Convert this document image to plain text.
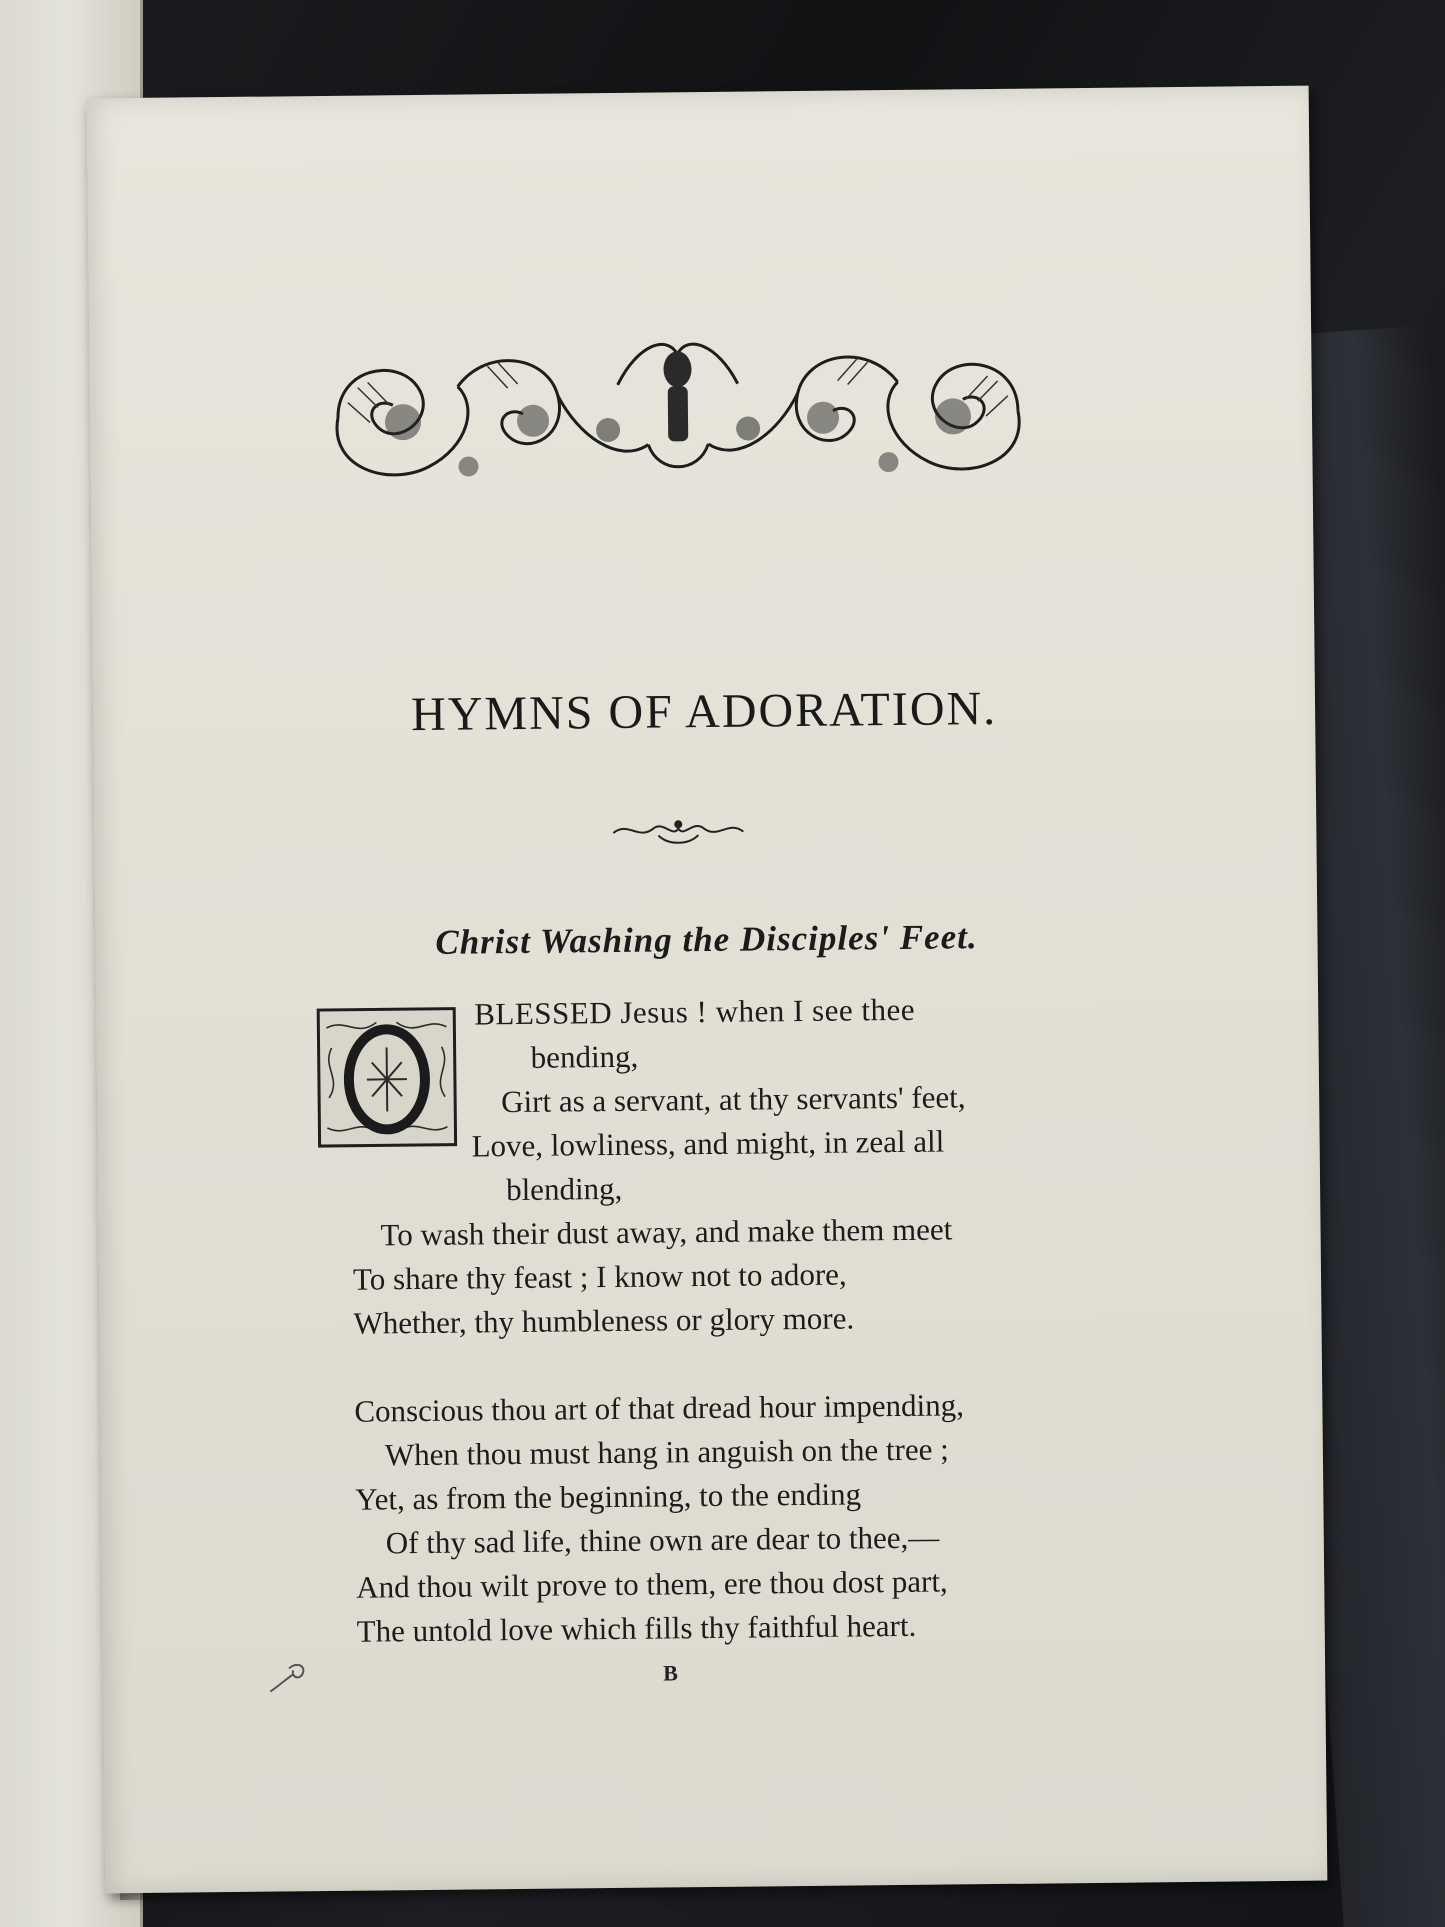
HYMNS OF ADORATION.
Christ Washing the Disciples' Feet.
O
BLESSED Jesus ! when I see thee
bending,
Girt as a servant, at thy servants' feet,
Love, lowliness, and might, in zeal all
blending,
To wash their dust away, and make them meet
To share thy feast ; I know not to adore,
Whether, thy humbleness or glory more.
Conscious thou art of that dread hour impending,
When thou must hang in anguish on the tree ;
Yet, as from the beginning, to the ending
Of thy sad life, thine own are dear to thee,—
And thou wilt prove to them, ere thou dost part,
The untold love which fills thy faithful heart.
B
